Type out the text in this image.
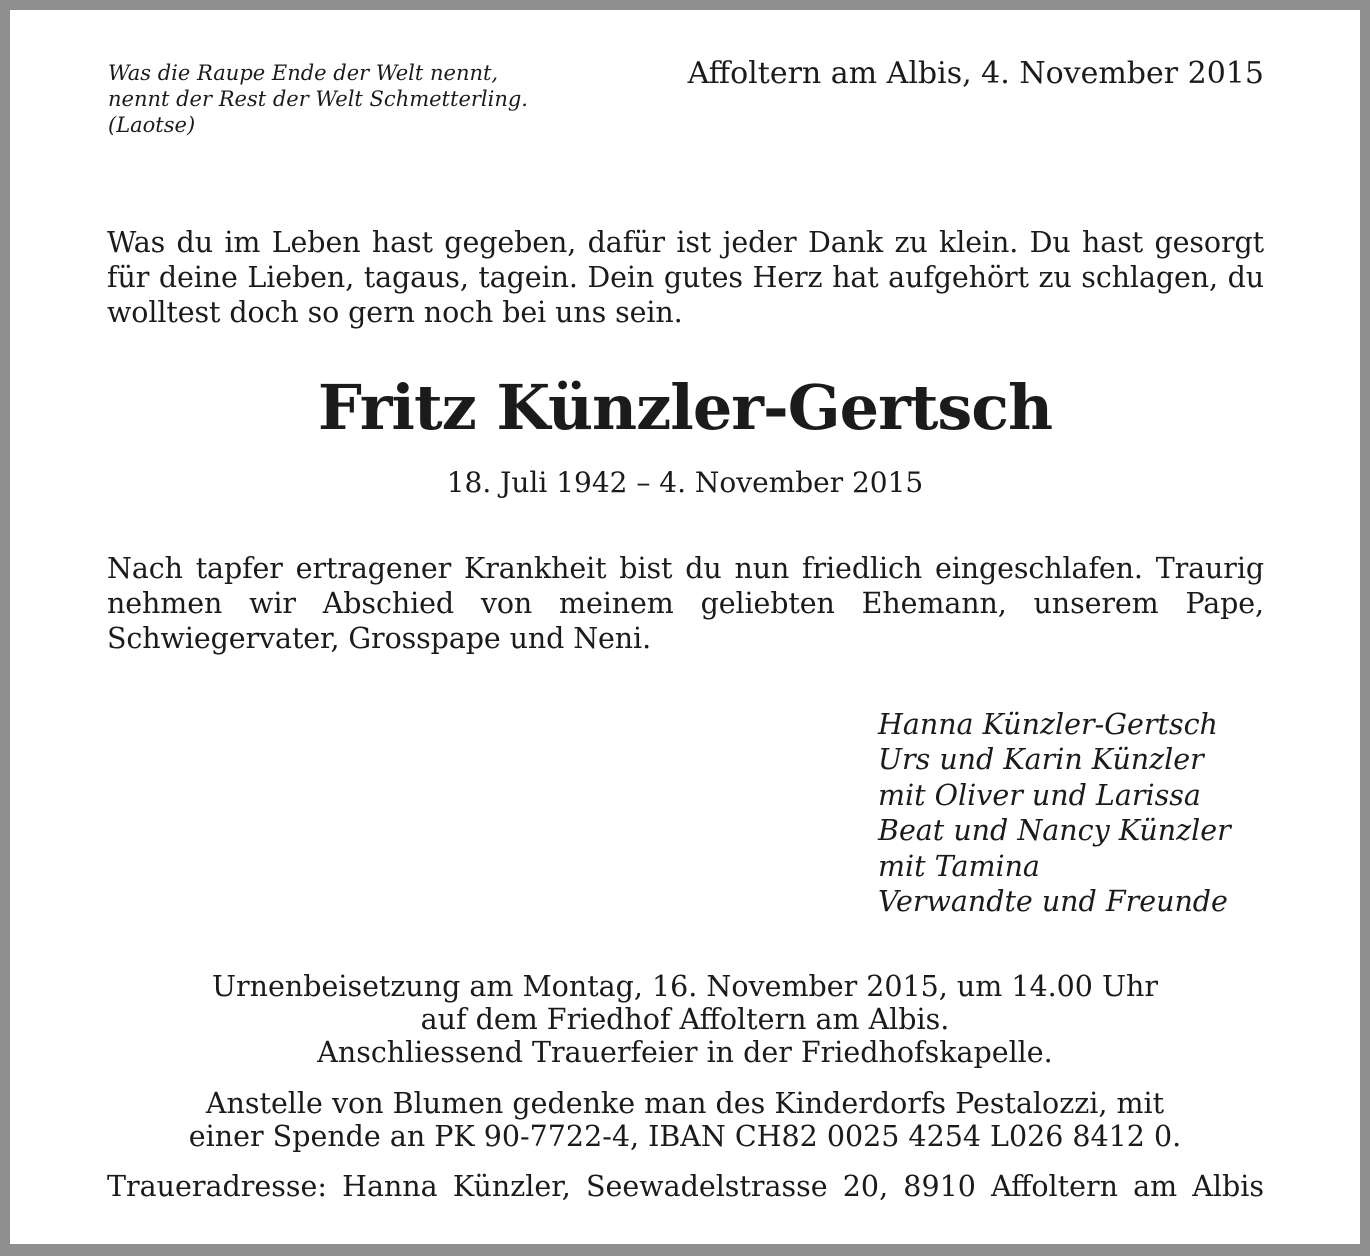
Was die Raupe Ende der Welt nennt,
nennt der Rest der Welt Schmetterling.
(Laotse)
Affoltern am Albis, 4. November 2015
Was du im Leben hast gegeben, dafür ist jeder Dank zu klein. Du hast gesorgt für deine Lieben, tagaus, tagein. Dein gutes Herz hat aufgehört zu schlagen, du wolltest doch so gern noch bei uns sein.
Fritz Künzler-Gertsch
18. Juli 1942 – 4. November 2015
Nach tapfer ertragener Krankheit bist du nun friedlich eingeschlafen. Traurig nehmen wir Abschied von meinem geliebten Ehemann, unserem Pape, Schwiegervater, Grosspape und Neni.
Hanna Künzler-Gertsch
Urs und Karin Künzler
mit Oliver und Larissa
Beat und Nancy Künzler
mit Tamina
Verwandte und Freunde
Urnenbeisetzung am Montag, 16. November 2015, um 14.00 Uhr
auf dem Friedhof Affoltern am Albis.
Anschliessend Trauerfeier in der Friedhofskapelle.
Anstelle von Blumen gedenke man des Kinderdorfs Pestalozzi, mit
einer Spende an PK 90-7722-4, IBAN CH82 0025 4254 L026 8412 0.
Traueradresse: Hanna Künzler, Seewadelstrasse 20, 8910 Affoltern am Albis
